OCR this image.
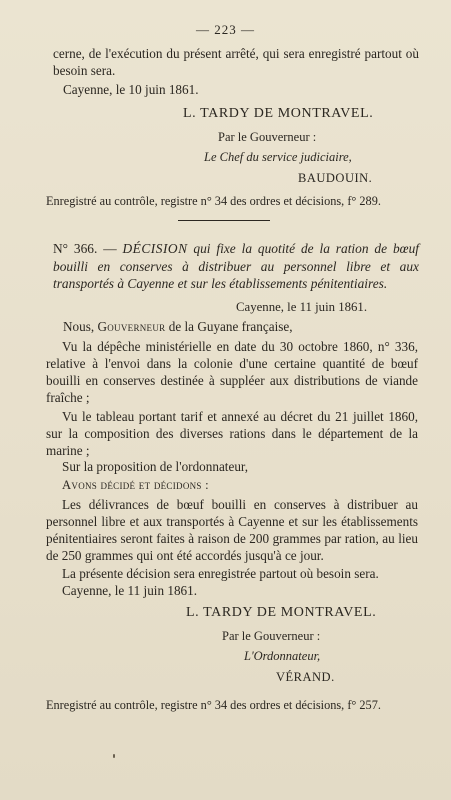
— 223 —
cerne, de l'exécution du présent arrêté, qui sera enregistré partout où besoin sera.
Cayenne, le 10 juin 1861.
L. TARDY DE MONTRAVEL.
Par le Gouverneur :
Le Chef du service judiciaire,
BAUDOUIN.
Enregistré au contrôle, registre n° 34 des ordres et décisions, f° 289.
N° 366. — DÉCISION qui fixe la quotité de la ration de bœuf bouilli en conserves à distribuer au personnel libre et aux transportés à Cayenne et sur les établissements pénitentiaires.
Cayenne, le 11 juin 1861.
Nous, Gouverneur de la Guyane française,
Vu la dépêche ministérielle en date du 30 octobre 1860, n° 336, relative à l'envoi dans la colonie d'une certaine quantité de bœuf bouilli en conserves destinée à suppléer aux distributions de viande fraîche ;
Vu le tableau portant tarif et annexé au décret du 21 juillet 1860, sur la composition des diverses rations dans le département de la marine ;
Sur la proposition de l'ordonnateur,
Avons décidé et décidons :
Les délivrances de bœuf bouilli en conserves à distribuer au personnel libre et aux transportés à Cayenne et sur les établissements pénitentiaires seront faites à raison de 200 grammes par ration, au lieu de 250 grammes qui ont été accordés jusqu'à ce jour.
La présente décision sera enregistrée partout où besoin sera.
Cayenne, le 11 juin 1861.
L. TARDY DE MONTRAVEL.
Par le Gouverneur :
L'Ordonnateur,
VÉRAND.
Enregistré au contrôle, registre n° 34 des ordres et décisions, f° 257.
